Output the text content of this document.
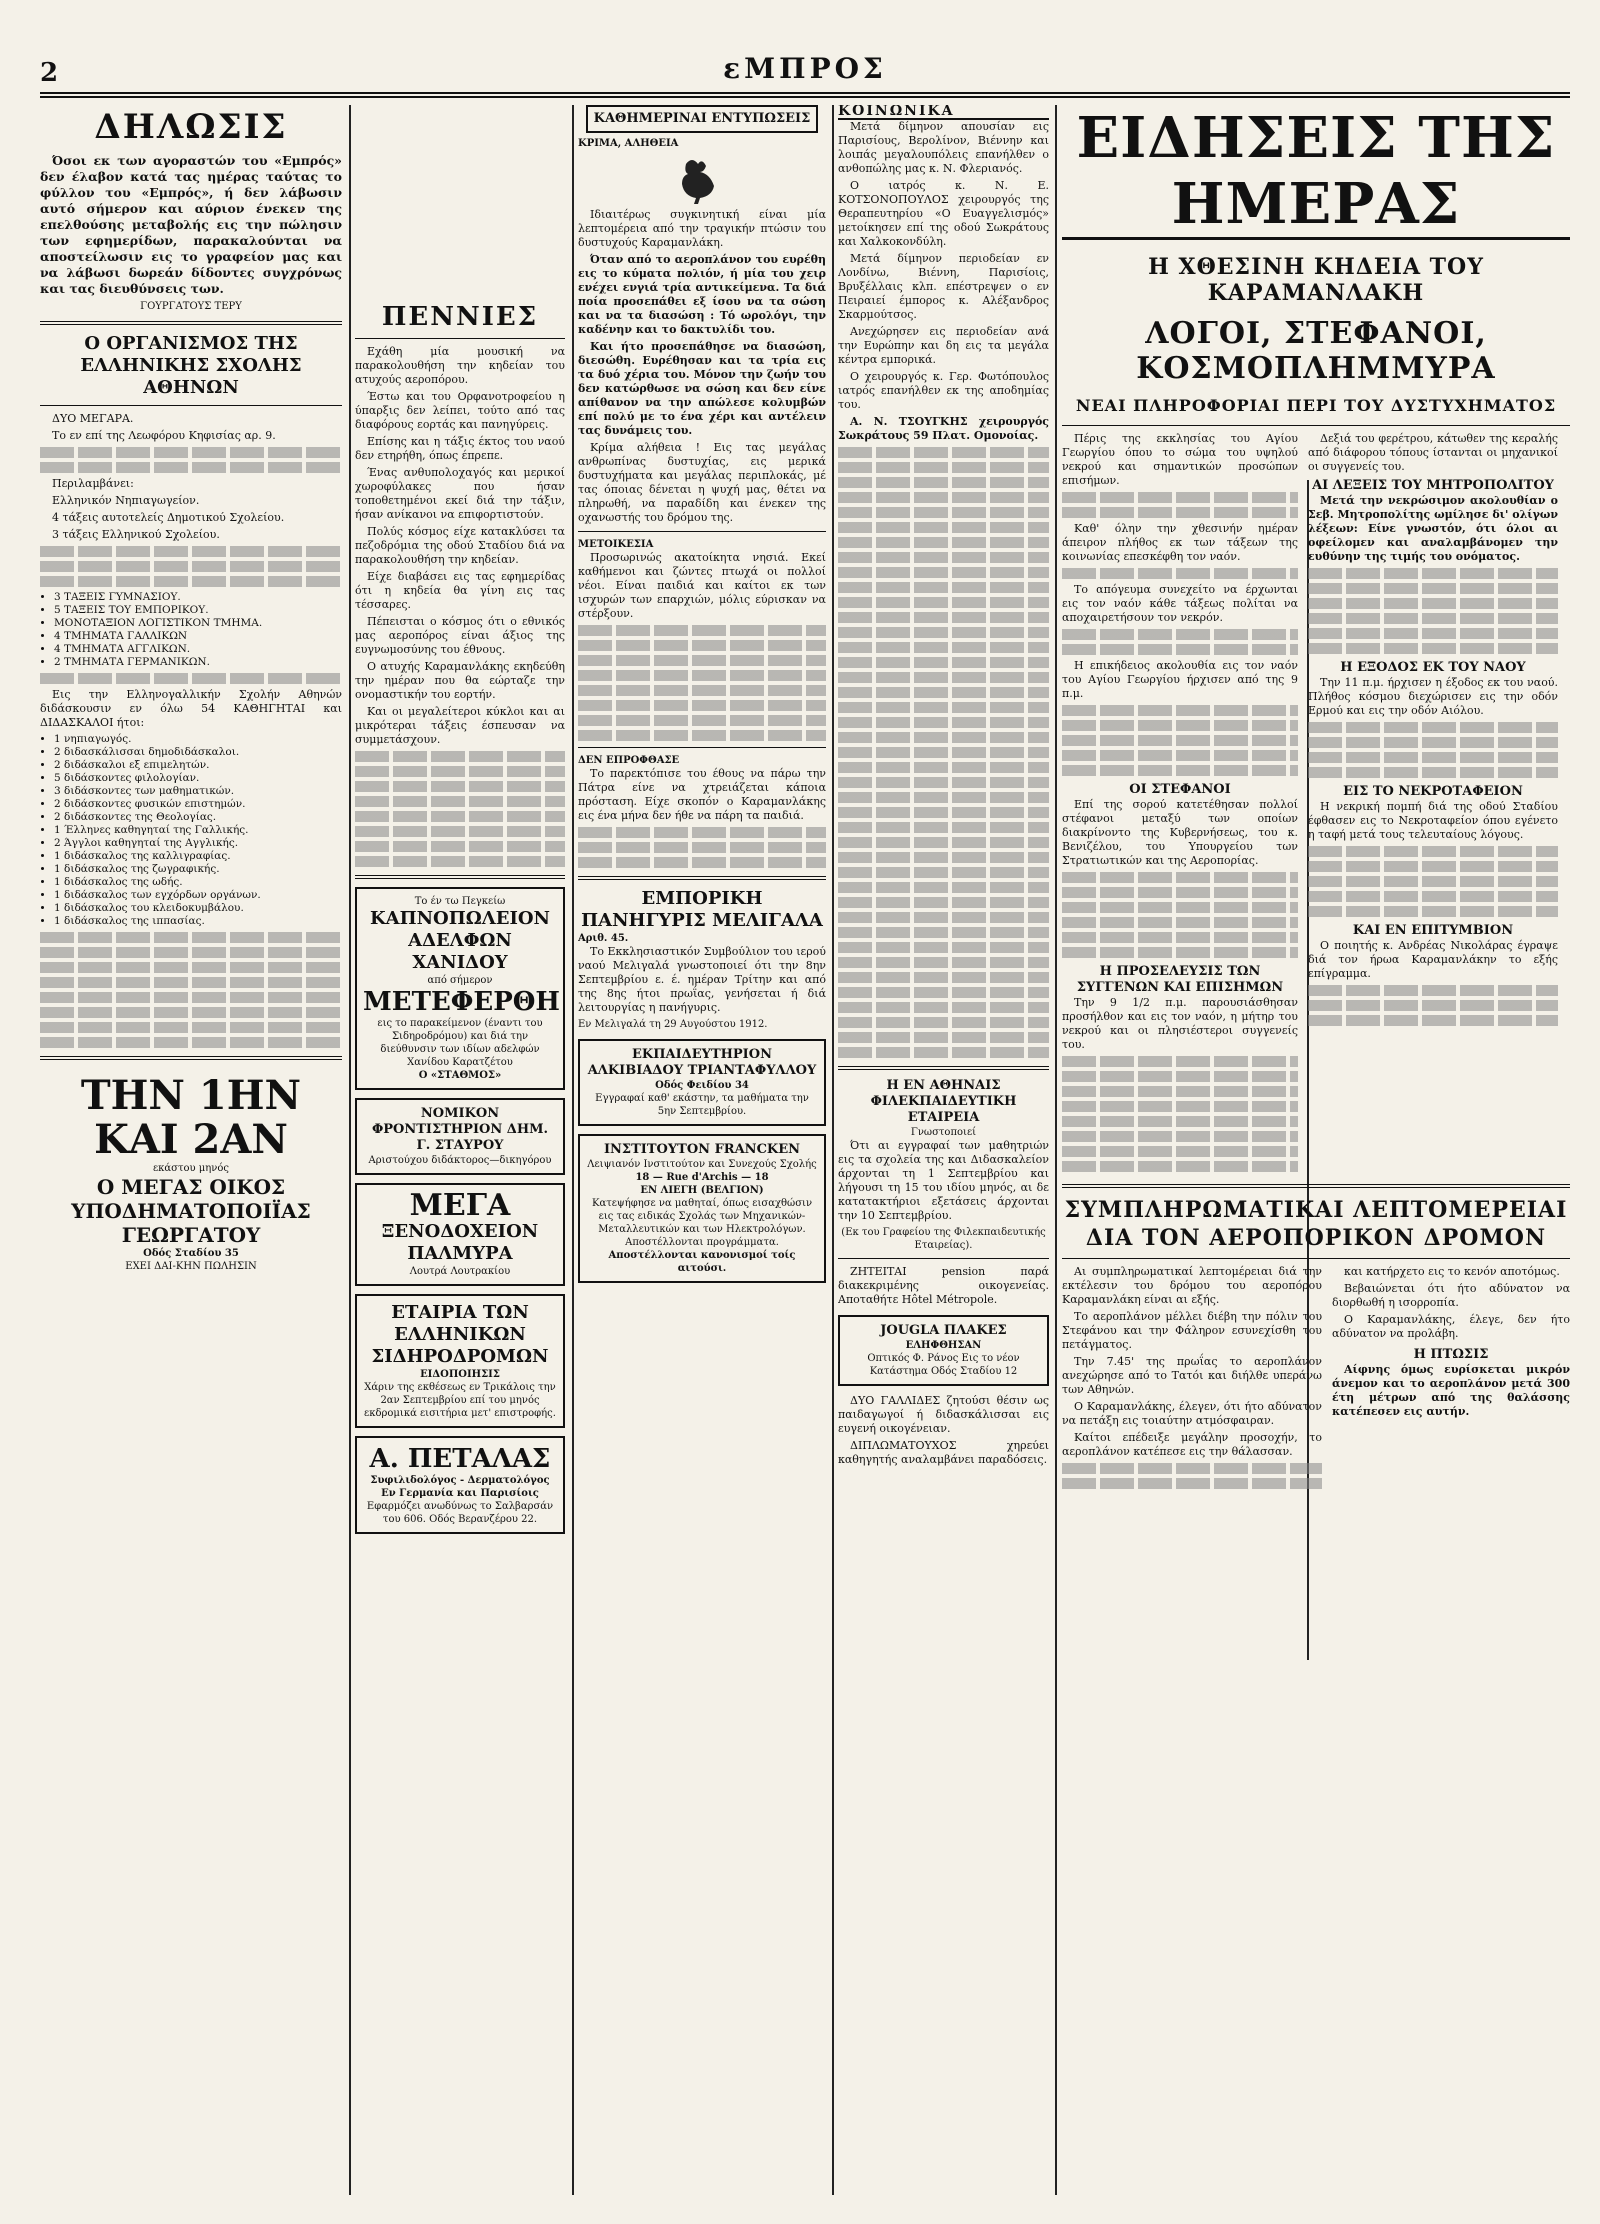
2	εΜΠΡΟΣ
ΔΗΛΩΣΙΣ

Όσοι εκ των αγοραστών του «Εμπρός» δεν έλαβον κατά τας ημέρας ταύτας το φύλλον του «Εμπρός», ή δεν λάβωσιν αυτό σήμερον και αύριον ένεκεν της επελθούσης μεταβολής εις την πώλησιν των εφημερίδων, παρακαλούνται να αποστείλωσιν εις το γραφείον μας και να λάβωσι δωρεάν δίδοντες συγχρόνως και τας διευθύνσεις των.

ΓΟΥΡΓΑΤΟΥΣ ΤΕΡΥ
Ο ΟΡΓΑΝΙΣΜΟΣ ΤΗΣ ΕΛΛΗΝΙΚΗΣ ΣΧΟΛΗΣ ΑΘΗΝΩΝ

ΔΥΟ ΜΕΓΑΡΑ.

Το εν επί της Λεωφόρου Κηφισίας αρ. 9.

Περιλαμβάνει:

Ελληνικόν Νηπιαγωγείον.

4 τάξεις αυτοτελείς Δημοτικού Σχολείου.

3 τάξεις Ελληνικού Σχολείου.

• 3 ΤΑΞΕΙΣ ΓΥΜΝΑΣΙΟΥ.
• 5 ΤΑΞΕΙΣ ΤΟΥ ΕΜΠΟΡΙΚΟΥ.
• ΜΟΝΟΤΑΞΙΟΝ ΛΟΓΙΣΤΙΚΟΝ ΤΜΗΜΑ.
• 4 ΤΜΗΜΑΤΑ ΓΑΛΛΙΚΩΝ
• 4 ΤΜΗΜΑΤΑ ΑΓΓΛΙΚΩΝ.
• 2 ΤΜΗΜΑΤΑ ΓΕΡΜΑΝΙΚΩΝ.

Εις την Ελληνογαλλικήν Σχολήν Αθηνών διδάσκουσιν εν όλω 54 ΚΑΘΗΓΗΤΑΙ και ΔΙΔΑΣΚΑΛΟΙ ήτοι:

• 1 νηπιαγωγός.
• 2 διδασκάλισσαι δημοδιδάσκαλοι.
• 2 διδάσκαλοι εξ επιμελητών.
• 5 διδάσκοντες φιλολογίαν.
• 3 διδάσκοντες των μαθηματικών.
• 2 διδάσκοντες φυσικών επιστημών.
• 2 διδάσκοντες της Θεολογίας.
• 1 Έλληνες καθηγηταί της Γαλλικής.
• 2 Άγγλοι καθηγηταί της Αγγλικής.
• 1 διδάσκαλος της καλλιγραφίας.
• 1 διδάσκαλος της ζωγραφικής.
• 1 διδάσκαλος της ωδής.
• 1 διδάσκαλος των εγχόρδων οργάνων.
• 1 διδάσκαλος του κλειδοκυμβάλου.
• 1 διδάσκαλος της ιππασίας.
ΤΗΝ 1ΗΝ ΚΑΙ 2ΑΝ
εκάστου μηνός
Ο ΜΕΓΑΣ ΟΙΚΟΣ ΥΠΟΔΗΜΑΤΟΠΟΙΪΑΣ ΓΕΩΡΓΑΤΟΥ
Οδός Σταδίου 35
ΕΧΕΙ ΔΑΙ-ΚΗΝ ΠΩΛΗΣΙΝ
ΠΕΝΝΙΕΣ

Εχάθη μία μουσική να παρακολουθήση την κηδείαν του ατυχούς αεροπόρου.

Έστω και του Ορφανοτροφείου η ύπαρξις δεν λείπει, τούτο από τας διαφόρους εορτάς και πανηγύρεις.

Επίσης και η τάξις έκτος του ναού δεν ετηρήθη, όπως έπρεπε.

Ένας ανθυπολοχαγός και μερικοί χωροφύλακες που ήσαν τοποθετημένοι εκεί διά την τάξιν, ήσαν ανίκανοι να επιφορτιστούν.

Πολύς κόσμος είχε κατακλύσει τα πεζοδρόμια της οδού Σταδίου διά να παρακολουθήση την κηδείαν.

Είχε διαβάσει εις τας εφημερίδας ότι η κηδεία θα γίνη εις τας τέσσαρες.

Πέπεισται ο κόσμος ότι ο εθνικός μας αεροπόρος είναι άξιος της ευγνωμοσύνης του έθνους.

Ο ατυχής Καραμανλάκης εκηδεύθη την ημέραν που θα εώρταζε την ονομαστικήν του εορτήν.

Και οι μεγαλείτεροι κύκλοι και αι μικρότεραι τάξεις έσπευσαν να συμμετάσχουν.

Το έν τω Πεγκείω
ΚΑΠΝΟΠΩΛΕΙΟΝ ΑΔΕΛΦΩΝ ΧΑΝΙΔΟΥ
από σήμερον
ΜΕΤΕΦΕΡΘΗ
εις το παρακείμενον (έναντι του Σιδηροδρόμου) και διά την διεύθυνσιν των ιδίων αδελφών Χανίδου Καρατζέτου
Ο «ΣΤΑΘΜΟΣ»
ΝΟΜΙΚΟΝ ΦΡΟΝΤΙΣΤΗΡΙΟΝ ΔΗΜ. Γ. ΣΤΑΥΡΟΥ
Αριστούχου διδάκτορος—δικηγόρου
ΜΕΓΑ
ΞΕΝΟΔΟΧΕΙΟΝ ΠΑΛΜΥΡΑ
Λουτρά Λουτρακίου
ΕΤΑΙΡΙΑ ΤΩΝ ΕΛΛΗΝΙΚΩΝ ΣΙΔΗΡΟΔΡΟΜΩΝ
ΕΙΔΟΠΟΙΗΣΙΣ
Χάριν της εκθέσεως εν Τρικάλοις την 2αν Σεπτεμβρίου επί του μηνός εκδρομικά εισιτήρια μετ' επιστροφής.
Α. ΠΕΤΑΛΑΣ
Συφιλιδολόγος - Δερματολόγος Εν Γερμανία και Παρισίοις
Εφαρμόζει ανωδύνως το Σαλβαρσάν του 606. Οδός Βερανζέρου 22.
ΚΑΘΗΜΕΡΙΝΑΙ ΕΝΤΥΠΩΣΕΙΣ
ΚΡΙΜΑ, ΑΛΗΘΕΙΑ

Ιδιαιτέρως συγκινητική είναι μία λεπτομέρεια από την τραγικήν πτώσιν του δυστυχούς Καραμανλάκη.

Όταν από το αεροπλάνον του ευρέθη εις το κύματα πολιόν, ή μία του χειρ ενέχει ενγιά τρία αντικείμενα. Τα διά ποία προσεπάθει εξ ίσου να τα σώση και να τα διασώση : Τό ωρολόγι, την καδένην και το δακτυλίδι του.

Και ήτο προσεπάθησε να διασώση, διεσώθη. Ευρέθησαν και τα τρία εις τα δυό χέρια του. Μόνον την ζωήν του δεν κατώρθωσε να σώση και δεν είνε απίθανον να την απώλεσε κολυμβών επί πολύ με το ένα χέρι και αντέλειν τας δυνάμεις του.

Κρίμα αλήθεια ! Εις τας μεγάλας ανθρωπίνας δυστυχίας, εις μερικά δυστυχήματα και μεγάλας περιπλοκάς, μέ τας όποιας δένεται η ψυχή μας, θέτει να πληρωθή, να παραδίδη και ένεκεν της οχανωστής του δρόμου της.

ΜΕΤΟΙΚΕΣΙΑ

Προσωρινώς ακατοίκητα νησιά. Εκεί καθήμενοι και ζώντες πτωχά οι πολλοί νέοι. Είναι παιδιά και καίτοι εκ των ισχυρών των επαρχιών, μόλις εύρισκαν να στέρξουν.

ΔΕΝ ΕΠΡΟΦΘΑΣΕ

Το παρεκτόπισε του έθους να πάρω την Πάτρα είνε να χτρειάζεται κάποια πρόσταση. Είχε σκοπόν ο Καραμανλάκης εις ένα μήνα δεν ήθε να πάρη τα παιδιά.

ΕΜΠΟΡΙΚΗ ΠΑΝΗΓΥΡΙΣ ΜΕΛΙΓΑΛΑ
Αριθ. 45.

Το Εκκλησιαστικόν Συμβούλιον του ιερού ναού Μελιγαλά γνωστοποιεί ότι την 8ην Σεπτεμβρίου ε. έ. ημέραν Τρίτην και από της 8ης ήτοι πρωΐας, γενήσεται ή διά λειτουργίας η πανήγυρις.

Εν Μελιγαλά τη 29 Αυγούστου 1912.
ΕΚΠΑΙΔΕΥΤΗΡΙΟΝ ΑΛΚΙΒΙΑΔΟΥ ΤΡΙΑΝΤΑΦΥΛΛΟΥ
Οδός Φειδίου 34
Εγγραφαί καθ' εκάστην, τα μαθήματα την 5ην Σεπτεμβρίου.
ΙΝΣΤΙΤΟΥΤΟΝ FRANCKEN
Λειψιανόν Ινστιτούτον και Συνεχούς Σχολής
18 — Rue d'Archis — 18
ΕΝ ΛΙΕΓΗ (ΒΕΛΓΙΟΝ)
Κατεψήφησε να μαθηταί, όπως εισαχθώσιν εις τας ειδικάς Σχολάς των Μηχανικών-Μεταλλευτικών και των Ηλεκτρολόγων. Αποστέλλονται προγράμματα.
Αποστέλλονται κανονισμοί τοίς αιτούσι.
ΚΟΙΝΩΝΙΚΑ

Μετά δίμηνον απουσίαν εις Παρισίους, Βερολίνον, Βιέννην και λοιπάς μεγαλουπόλεις επανήλθεν ο ανθοπώλης μας κ. Ν. Φλεριανός.

Ο ιατρός κ. Ν. Ε. ΚΟΤΣΟΝΟΠΟΥΛΟΣ χειρουργός της Θεραπευτηρίου «Ο Ευαγγελισμός» μετοίκησεν επί της οδού Σωκράτους και Χαλκοκονδύλη.

Μετά δίμηνον περιοδείαν εν Λονδίνω, Βιέννη, Παρισίοις, Βρυξέλλαις κλπ. επέστρεψεν ο εν Πειραιεί έμπορος κ. Αλέξανδρος Σκαρμούτσος.

Ανεχώρησεν εις περιοδείαν ανά την Ευρώπην και δη εις τα μεγάλα κέντρα εμπορικά.

Ο χειρουργός κ. Γερ. Φωτόπουλος ιατρός επανήλθεν εκ της αποδημίας του.

Α. Ν. ΤΣΟΥΓΚΗΣ χειρουργός Σωκράτους 59 Πλατ. Ομονοίας.

Η ΕΝ ΑΘΗΝΑΙΣ ΦΙΛΕΚΠΑΙΔΕΥΤΙΚΗ ΕΤΑΙΡΕΙΑ
Γνωστοποιεί

Ότι αι εγγραφαί των μαθητριών εις τα σχολεία της και Διδασκαλείον άρχονται τη 1 Σεπτεμβρίου και λήγουσι τη 15 του ιδίου μηνός, αι δε κατατακτήριοι εξετάσεις άρχονται την 10 Σεπτεμβρίου.

(Εκ του Γραφείου της Φιλεκπαιδευτικής Εταιρείας).

ΖΗΤΕΙΤΑΙ pension παρά διακεκριμένης οικογενείας. Αποταθήτε Hôtel Métropole.

JOUGLA ΠΛΑΚΕΣ
ΕΛΗΦΘΗΣΑΝ
Οπτικός Φ. Ράνος Εις το νέον Κατάστημα Οδός Σταδίου 12

ΔΥΟ ΓΑΛΛΙΔΕΣ ζητούσι θέσιν ως παιδαγωγοί ή διδασκάλισσαι εις ευγενή οικογένειαν.

ΔΙΠΛΩΜΑΤΟΥΧΟΣ χηρεύει καθηγητής αναλαμβάνει παραδόσεις.

ΕΙΔΗΣΕΙΣ ΤΗΣ ΗΜΕΡΑΣ
Η ΧΘΕΣΙΝΗ ΚΗΔΕΙΑ ΤΟΥ ΚΑΡΑΜΑΝΛΑΚΗ
ΛΟΓΟΙ, ΣΤΕΦΑΝΟΙ, ΚΟΣΜΟΠΛΗΜΜΥΡΑ
ΝΕΑΙ ΠΛΗΡΟΦΟΡΙΑΙ ΠΕΡΙ ΤΟΥ ΔΥΣΤΥΧΗΜΑΤΟΣ

Πέρις της εκκλησίας του Αγίου Γεωργίου όπου το σώμα του υψηλού νεκρού και σημαντικών προσώπων επισήμων.

Καθ' όλην την χθεσινήν ημέραν άπειρον πλήθος εκ των τάξεων της κοινωνίας επεσκέφθη τον ναόν.

Το απόγευμα συνεχείτο να έρχωνται εις τον ναόν κάθε τάξεως πολίται να αποχαιρετήσουν τον νεκρόν.

Η επικήδειος ακολουθία εις τον ναόν του Αγίου Γεωργίου ήρχισεν από της 9 π.μ.

ΟΙ ΣΤΕΦΑΝΟΙ

Επί της σορού κατετέθησαν πολλοί στέφανοι μεταξύ των οποίων διακρίνοντο της Κυβερνήσεως, του κ. Βενιζέλου, του Υπουργείου των Στρατιωτικών και της Αεροπορίας.

Η ΠΡΟΣΕΛΕΥΣΙΣ ΤΩΝ ΣΥΓΓΕΝΩΝ ΚΑΙ ΕΠΙΣΗΜΩΝ

Την 9 1/2 π.μ. παρουσιάσθησαν προσήλθον και εις τον ναόν, η μήτηρ του νεκρού και οι πλησιέστεροι συγγενείς του.

Δεξιά του φερέτρου, κάτωθεν της κεραλής από διάφορου τόπους ίστανται οι μηχανικοί οι συγγενείς του.

ΑΙ ΛΕΞΕΙΣ ΤΟΥ ΜΗΤΡΟΠΟΛΙΤΟΥ

Μετά την νεκρώσιμον ακολουθίαν ο Σεβ. Μητροπολίτης ωμίλησε δι' ολίγων λέξεων: Είνε γνωστόν, ότι όλοι αι οφείλομεν και αναλαμβάνομεν την ευθύνην της τιμής του ονόματος.

Η ΕΞΟΔΟΣ ΕΚ ΤΟΥ ΝΑΟΥ

Την 11 π.μ. ήρχισεν η έξοδος εκ του ναού. Πλήθος κόσμου διεχώρισεν εις την οδόν Ερμού και εις την οδόν Αιόλου.

ΕΙΣ ΤΟ ΝΕΚΡΟΤΑΦΕΙΟΝ

Η νεκρική πομπή διά της οδού Σταδίου έφθασεν εις το Νεκροταφείον όπου εγένετο η ταφή μετά τους τελευταίους λόγους.

ΚΑΙ ΕΝ ΕΠΙΤΥΜΒΙΟΝ

Ο ποιητής κ. Ανδρέας Νικολάρας έγραψε διά τον ήρωα Καραμανλάκην το εξής επίγραμμα.

ΣΥΜΠΛΗΡΩΜΑΤΙΚΑΙ ΛΕΠΤΟΜΕΡΕΙΑΙ ΔΙΑ ΤΟΝ ΑΕΡΟΠΟΡΙΚΟΝ ΔΡΟΜΟΝ

Αι συμπληρωματικαί λεπτομέρειαι διά την εκτέλεσιν του δρόμου του αεροπόρου Καραμανλάκη είναι αι εξής.

Το αεροπλάνον μέλλει διέβη την πόλιν του Στεφάνου και την Φάληρον εσυνεχίσθη του πετάγματος.

Την 7.45' της πρωΐας το αεροπλάνον ανεχώρησε από το Τατόι και διήλθε υπεράνω των Αθηνών.

Ο Καραμανλάκης, έλεγεν, ότι ήτο αδύνατον να πετάξη εις τοιαύτην ατμόσφαιραν.

Καίτοι επέδειξε μεγάλην προσοχήν, το αεροπλάνον κατέπεσε εις την θάλασσαν.

και κατήρχετο εις το κενόν αποτόμως.

Βεβαιώνεται ότι ήτο αδύνατον να διορθωθή η ισορροπία.

Ο Καραμανλάκης, έλεγε, δεν ήτο αδύνατον να προλάβη.

Η ΠΤΩΣΙΣ

Αίφνης όμως ευρίσκεται μικρόν άνεμον και το αεροπλάνον μετά 300 έτη μέτρων από της θαλάσσης κατέπεσεν εις αυτήν.
